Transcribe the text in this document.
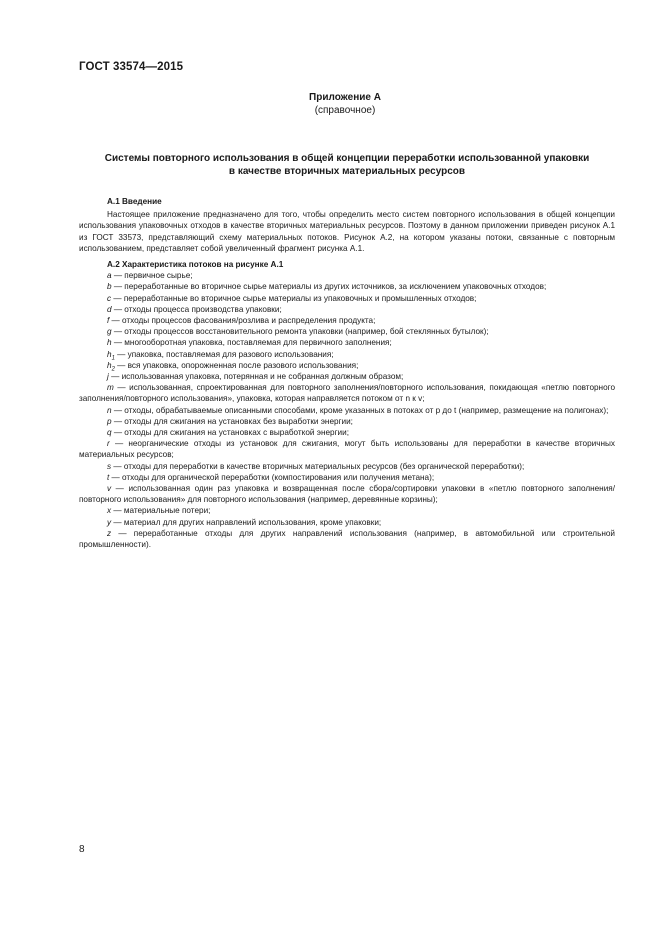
ГОСТ 33574—2015
Приложение А
(справочное)
Системы повторного использования в общей концепции переработки использованной упаковки
в качестве вторичных материальных ресурсов

А.1 Введение

Настоящее приложение предназначено для того, чтобы определить место систем повторного использования в общей концепции использования упаковочных отходов в качестве вторичных материальных ресурсов. Поэтому в данном приложении приведен рисунок А.1 из ГОСТ 33573, представляющий схему материальных потоков. Рисунок А.2, на котором указаны потоки, связанные с повторным использованием, представляет собой увеличенный фрагмент рисунка А.1.

А.2 Характеристика потоков на рисунке А.1

a — первичное сырье;

b — переработанные во вторичное сырье материалы из других источников, за исключением упаковочных отходов;

c — переработанные во вторичное сырье материалы из упаковочных и промышленных отходов;

d — отходы процесса производства упаковки;

f — отходы процессов фасования/розлива и распределения продукта;

g — отходы процессов восстановительного ремонта упаковки (например, бой стеклянных бутылок);

h — многооборотная упаковка, поставляемая для первичного заполнения;

$h_1$ — упаковка, поставляемая для разового использования;

$h_2$ — вся упаковка, опорожненная после разового использования;

j — использованная упаковка, потерянная и не собранная должным образом;

m — использованная, спроектированная для повторного заполнения/повторного использования, покидающая «петлю повторного заполнения/повторного использования», упаковка, которая направляется потоком от n к v;

n — отходы, обрабатываемые описанными способами, кроме указанных в потоках от p до t (например, размещение на полигонах);

p — отходы для сжигания на установках без выработки энергии;

q — отходы для сжигания на установках с выработкой энергии;

r — неорганические отходы из установок для сжигания, могут быть использованы для переработки в качестве вторичных материальных ресурсов;

s — отходы для переработки в качестве вторичных материальных ресурсов (без органической переработки);

t — отходы для органической переработки (компостирования или получения метана);

v — использованная один раз упаковка и возвращенная после сбора/сортировки упаковки в «петлю повторного заполнения/повторного использования» для повторного использования (например, деревянные корзины);

x — материальные потери;

y — материал для других направлений использования, кроме упаковки;

z — переработанные отходы для других направлений использования (например, в автомобильной или строительной промышленности).

8
